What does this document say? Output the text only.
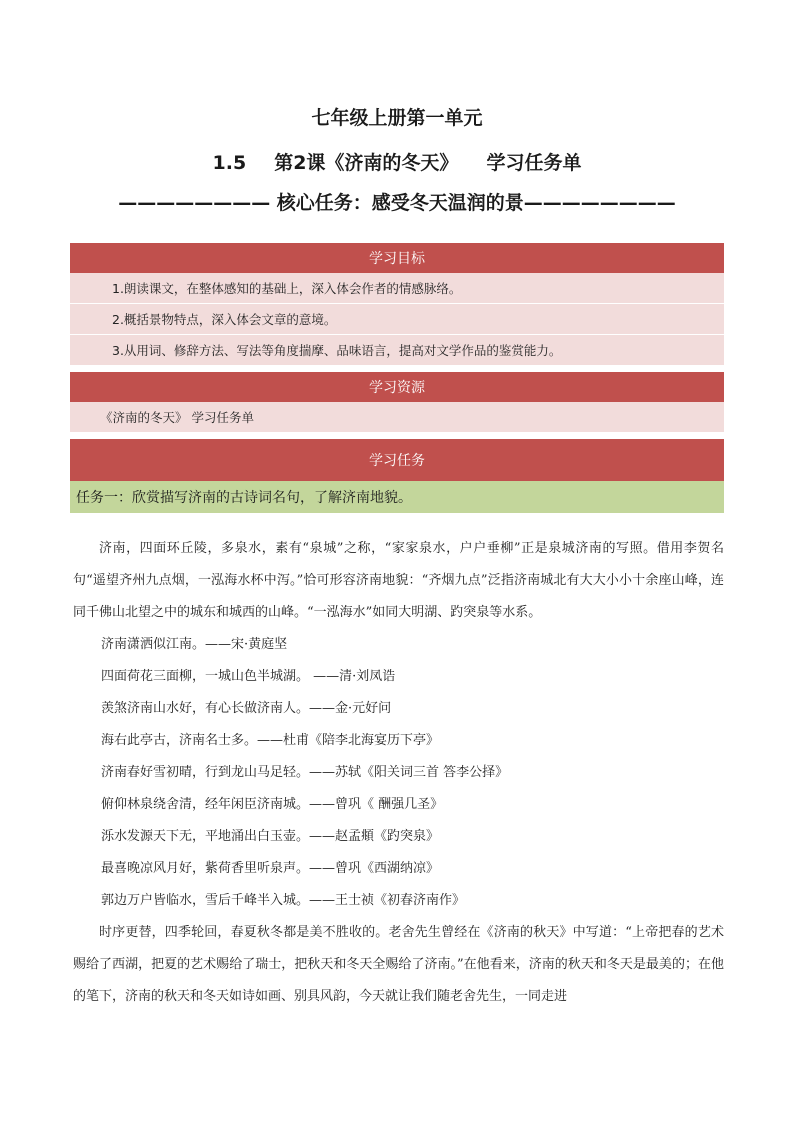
七年级上册第一单元
1.5 第2课《济南的冬天》 学习任务单
———————— 核心任务：感受冬天温润的景————————
学习目标
1.朗读课文，在整体感知的基础上，深入体会作者的情感脉络。
2.概括景物特点，深入体会文章的意境。
3.从用词、修辞方法、写法等角度揣摩、品味语言，提高对文学作品的鉴赏能力。
学习资源
《济南的冬天》 学习任务单
学习任务
任务一：欣赏描写济南的古诗词名句，了解济南地貌。

济南，四面环丘陵，多泉水，素有“泉城”之称，“家家泉水，户户垂柳”正是泉城济南的写照。借用李贺名句“遥望齐州九点烟，一泓海水杯中泻。”恰可形容济南地貌：“齐烟九点”泛指济南城北有大大小小十余座山峰，连同千佛山北望之中的城东和城西的山峰。“一泓海水”如同大明湖、趵突泉等水系。

济南潇洒似江南。——宋·黄庭坚

四面荷花三面柳，一城山色半城湖。 ——清·刘凤诰

羡煞济南山水好，有心长做济南人。——金·元好问

海右此亭古，济南名士多。——杜甫《陪李北海宴历下亭》

济南春好雪初晴，行到龙山马足轻。——苏轼《阳关词三首 答李公择》

俯仰林泉绕舍清，经年闲臣济南城。——曾巩《 酬强几圣》

泺水发源天下无，平地涌出白玉壶。——赵孟頫《趵突泉》

最喜晚凉风月好，紫荷香里听泉声。——曾巩《西湖纳凉》

郭边万户皆临水，雪后千峰半入城。——王士祯《初春济南作》

时序更替，四季轮回，春夏秋冬都是美不胜收的。老舍先生曾经在《济南的秋天》中写道：“上帝把春的艺术赐给了西湖，把夏的艺术赐给了瑞士，把秋天和冬天全赐给了济南。”在他看来，济南的秋天和冬天是最美的；在他的笔下，济南的秋天和冬天如诗如画、别具风韵，今天就让我们随老舍先生，一同走进
